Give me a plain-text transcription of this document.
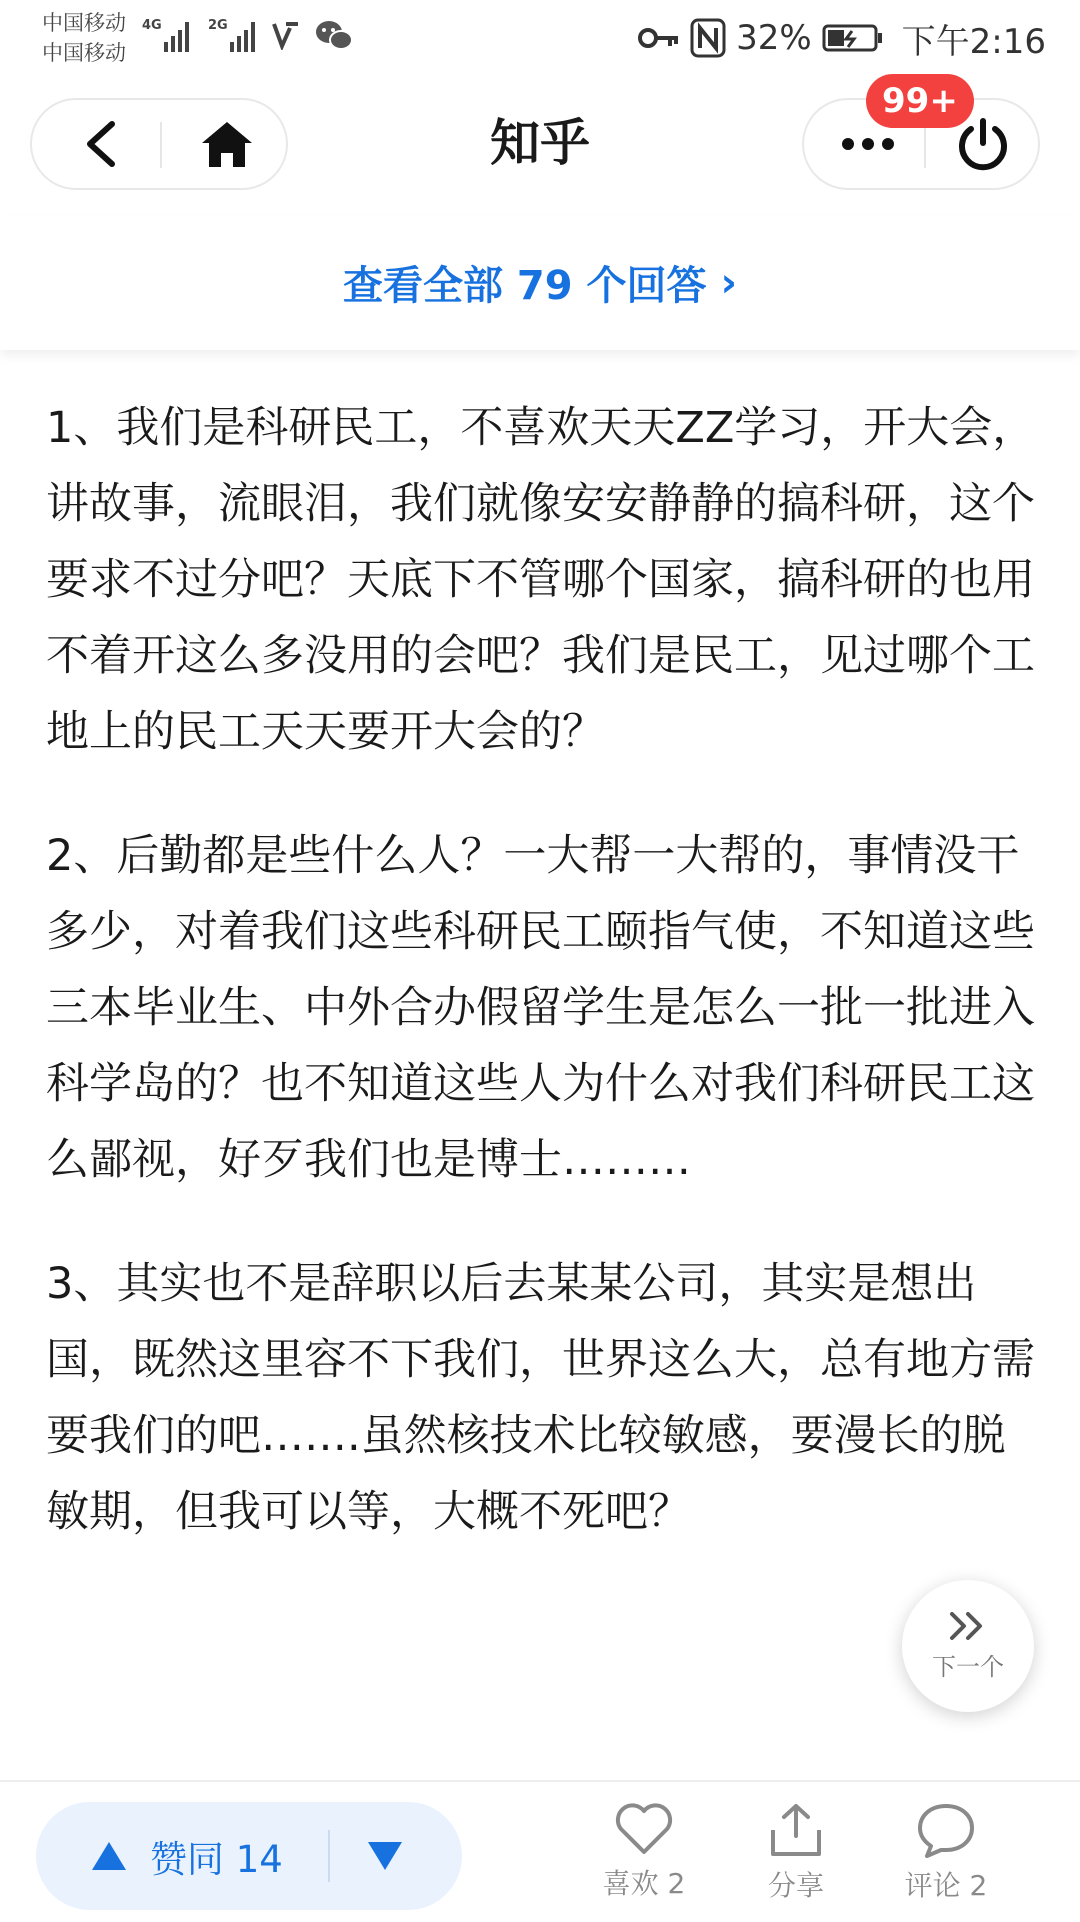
中国移动
中国移动
4G	2G	32%	下午2:16
知乎
99+
查看全部 79 个回答 ›

1、我们是科研民工，不喜欢天天ZZ学习，开大会，讲故事，流眼泪，我们就像安安静静的搞科研，这个要求不过分吧？天底下不管哪个国家，搞科研的也用不着开这么多没用的会吧？我们是民工，见过哪个工地上的民工天天要开大会的？

2、后勤都是些什么人？一大帮一大帮的，事情没干多少，对着我们这些科研民工颐指气使，不知道这些三本毕业生、中外合办假留学生是怎么一批一批进入科学岛的？也不知道这些人为什么对我们科研民工这么鄙视，好歹我们也是博士………

3、其实也不是辞职以后去某某公司，其实是想出国，既然这里容不下我们，世界这么大，总有地方需要我们的吧…….虽然核技术比较敏感，要漫长的脱敏期，但我可以等，大概不死吧？

下一个
赞同 14
喜欢 2	分享	评论 2
